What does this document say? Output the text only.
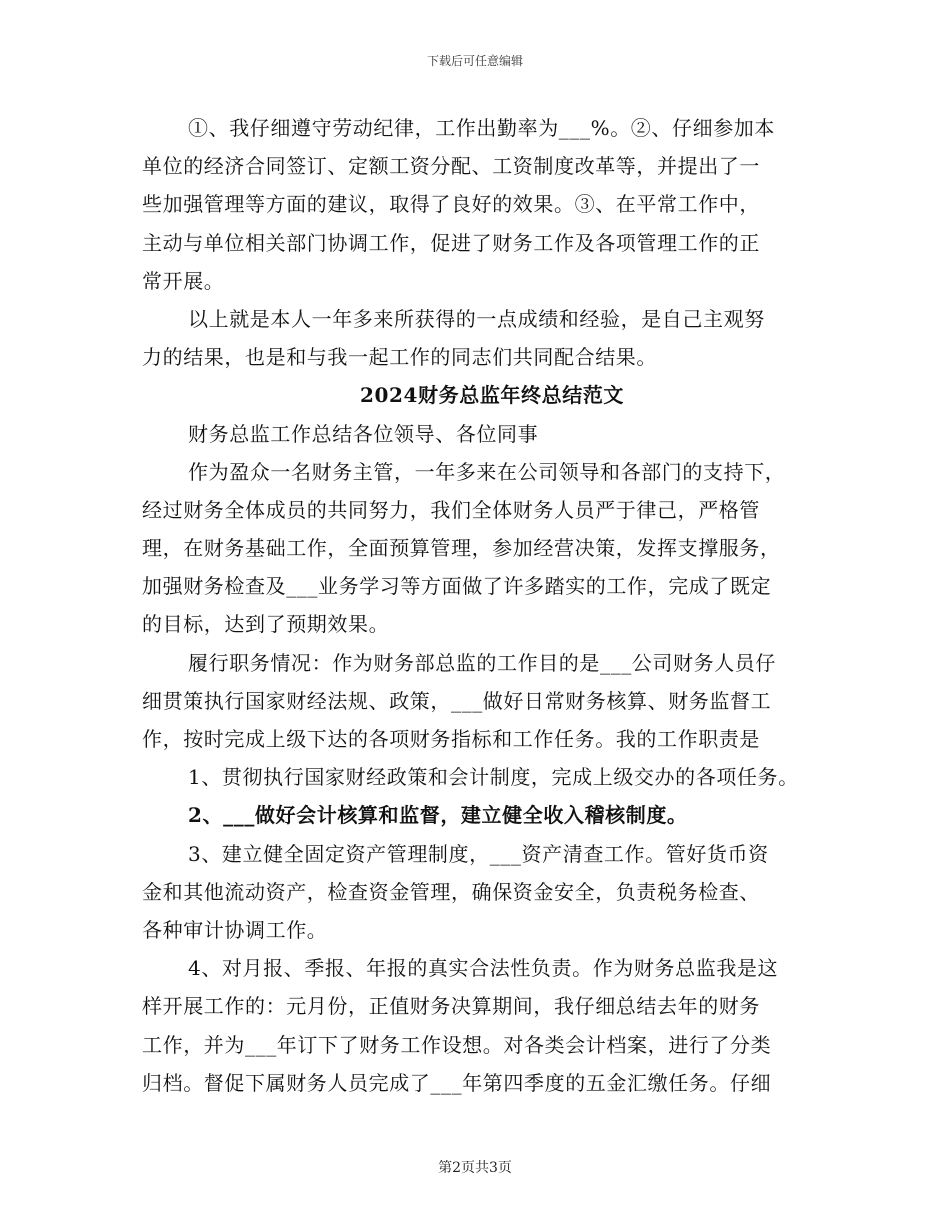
下载后可任意编辑
①、我仔细遵守劳动纪律，工作出勤率为___%。②、仔细参加本
单位的经济合同签订、定额工资分配、工资制度改革等，并提出了一
些加强管理等方面的建议，取得了良好的效果。③、在平常工作中，
主动与单位相关部门协调工作，促进了财务工作及各项管理工作的正
常开展。
以上就是本人一年多来所获得的一点成绩和经验，是自己主观努
力的结果，也是和与我一起工作的同志们共同配合结果。
2024财务总监年终总结范文
财务总监工作总结各位领导、各位同事
作为盈众一名财务主管，一年多来在公司领导和各部门的支持下，
经过财务全体成员的共同努力，我们全体财务人员严于律己，严格管
理，在财务基础工作，全面预算管理，参加经营决策，发挥支撑服务，
加强财务检查及___业务学习等方面做了许多踏实的工作，完成了既定
的目标，达到了预期效果。
履行职务情况：作为财务部总监的工作目的是___公司财务人员仔
细贯策执行国家财经法规、政策，___做好日常财务核算、财务监督工
作，按时完成上级下达的各项财务指标和工作任务。我的工作职责是
1、贯彻执行国家财经政策和会计制度，完成上级交办的各项任务。
2、___做好会计核算和监督，建立健全收入稽核制度。
3、建立健全固定资产管理制度，___资产清查工作。管好货币资
金和其他流动资产，检查资金管理，确保资金安全，负责税务检查、
各种审计协调工作。
4、对月报、季报、年报的真实合法性负责。作为财务总监我是这
样开展工作的：元月份，正值财务决算期间，我仔细总结去年的财务
工作，并为___年订下了财务工作设想。对各类会计档案，进行了分类
归档。督促下属财务人员完成了___年第四季度的五金汇缴任务。仔细
第2页共3页
